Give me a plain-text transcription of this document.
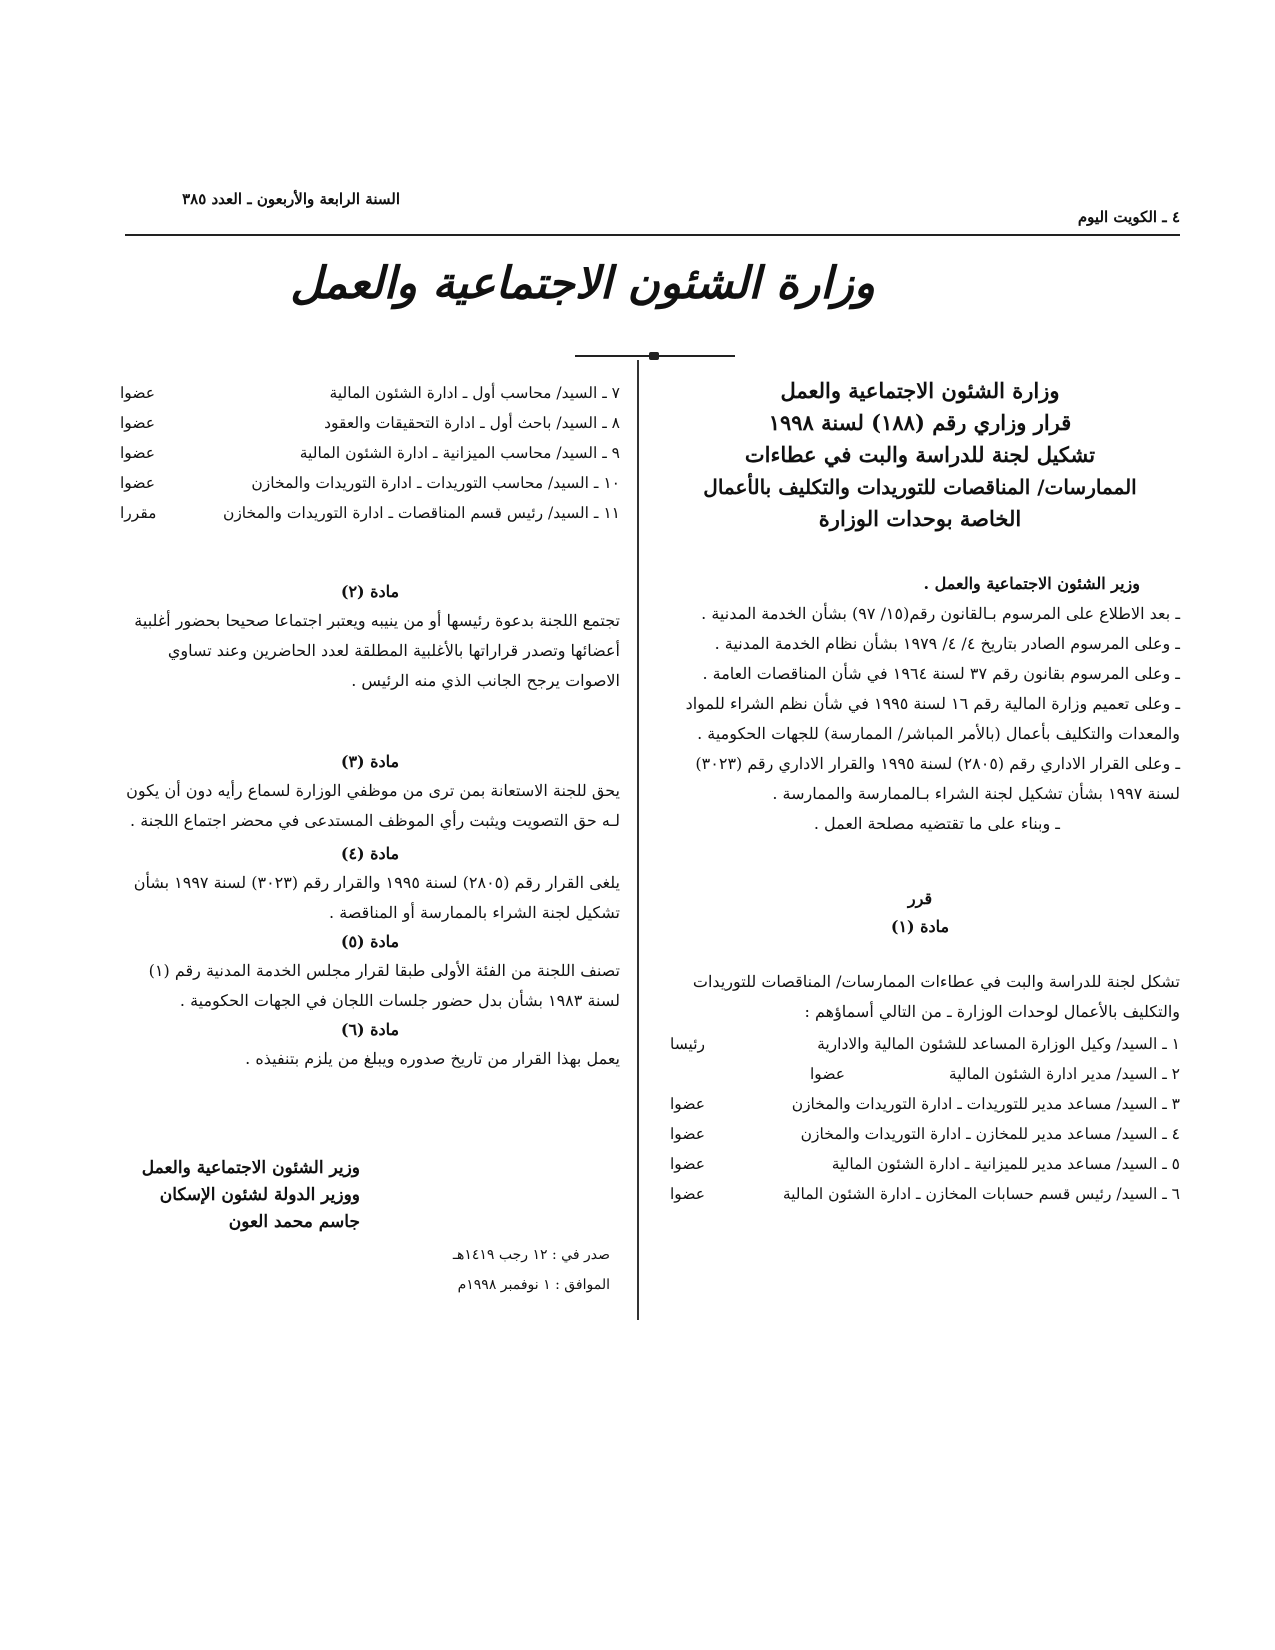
٤ ـ الكويت اليوم
السنة الرابعة والأربعون ـ العدد ٣٨٥
وزارة الشئون الاجتماعية والعمل
وزارة الشئون الاجتماعية والعمل
قرار وزاري رقم (١٨٨) لسنة ١٩٩٨
تشكيل لجنة للدراسة والبت في عطاءات
الممارسات/ المناقصات للتوريدات والتكليف بالأعمال
الخاصة بوحدات الوزارة
وزير الشئون الاجتماعية والعمل .

ـ بعد الاطلاع على المرسوم بـالقانون رقم(١٥/ ٩٧) بشأن الخدمة المدنية .

ـ وعلى المرسوم الصادر بتاريخ ٤/ ٤/ ١٩٧٩ بشأن نظام الخدمة المدنية .

ـ وعلى المرسوم بقانون رقم ٣٧ لسنة ١٩٦٤ في شأن المناقصات العامة .

ـ وعلى تعميم وزارة المالية رقم ١٦ لسنة ١٩٩٥ في شأن نظم الشراء للمواد والمعدات والتكليف بأعمال (بالأمر المباشر/ الممارسة) للجهات الحكومية .

ـ وعلى القرار الاداري رقم (٢٨٠٥) لسنة ١٩٩٥ والقرار الاداري رقم (٣٠٢٣) لسنة ١٩٩٧ بشأن تشكيل لجنة الشراء بـالممارسة والممارسة .

ـ وبناء على ما تقتضيه مصلحة العمل .

قرر
مادة (١)

تشكل لجنة للدراسة والبت في عطاءات الممارسات/ المناقصات للتوريدات والتكليف بالأعمال لوحدات الوزارة ـ من التالي أسماؤهم :

١ ـ السيد/ وكيل الوزارة المساعد للشئون المالية والادارية
رئيسا
٢ ـ السيد/ مدير ادارة الشئون المالية
عضوا
٣ ـ السيد/ مساعد مدير للتوريدات ـ ادارة التوريدات والمخازن
عضوا
٤ ـ السيد/ مساعد مدير للمخازن ـ ادارة التوريدات والمخازن
عضوا
٥ ـ السيد/ مساعد مدير للميزانية ـ ادارة الشئون المالية
عضوا
٦ ـ السيد/ رئيس قسم حسابات المخازن ـ ادارة الشئون المالية
عضوا
٧ ـ السيد/ محاسب أول ـ ادارة الشئون المالية
عضوا
٨ ـ السيد/ باحث أول ـ ادارة التحقيقات والعقود
عضوا
٩ ـ السيد/ محاسب الميزانية ـ ادارة الشئون المالية
عضوا
١٠ ـ السيد/ محاسب التوريدات ـ ادارة التوريدات والمخازن
عضوا
١١ ـ السيد/ رئيس قسم المناقصات ـ ادارة التوريدات والمخازن
مقررا
مادة (٢)

تجتمع اللجنة بدعوة رئيسها أو من ينيبه ويعتبر اجتماعا صحيحا بحضور أغلبية أعضائها وتصدر قراراتها بالأغلبية المطلقة لعدد الحاضرين وعند تساوي الاصوات يرجح الجانب الذي منه الرئيس .

مادة (٣)

يحق للجنة الاستعانة بمن ترى من موظفي الوزارة لسماع رأيه دون أن يكون لـه حق التصويت ويثبت رأي الموظف المستدعى في محضر اجتماع اللجنة .

مادة (٤)

يلغى القرار رقم (٢٨٠٥) لسنة ١٩٩٥ والقرار رقم (٣٠٢٣) لسنة ١٩٩٧ بشأن تشكيل لجنة الشراء بالممارسة أو المناقصة .

مادة (٥)

تصنف اللجنة من الفئة الأولى طبقا لقرار مجلس الخدمة المدنية رقم (١) لسنة ١٩٨٣ بشأن بدل حضور جلسات اللجان في الجهات الحكومية .

مادة (٦)

يعمل بهذا القرار من تاريخ صدوره ويبلغ من يلزم بتنفيذه .

وزير الشئون الاجتماعية والعمل
ووزير الدولة لشئون الإسكان
جاسم محمد العون
صدر في : ١٢ رجب ١٤١٩هـ
الموافق : ١ نوفمبر ١٩٩٨م
